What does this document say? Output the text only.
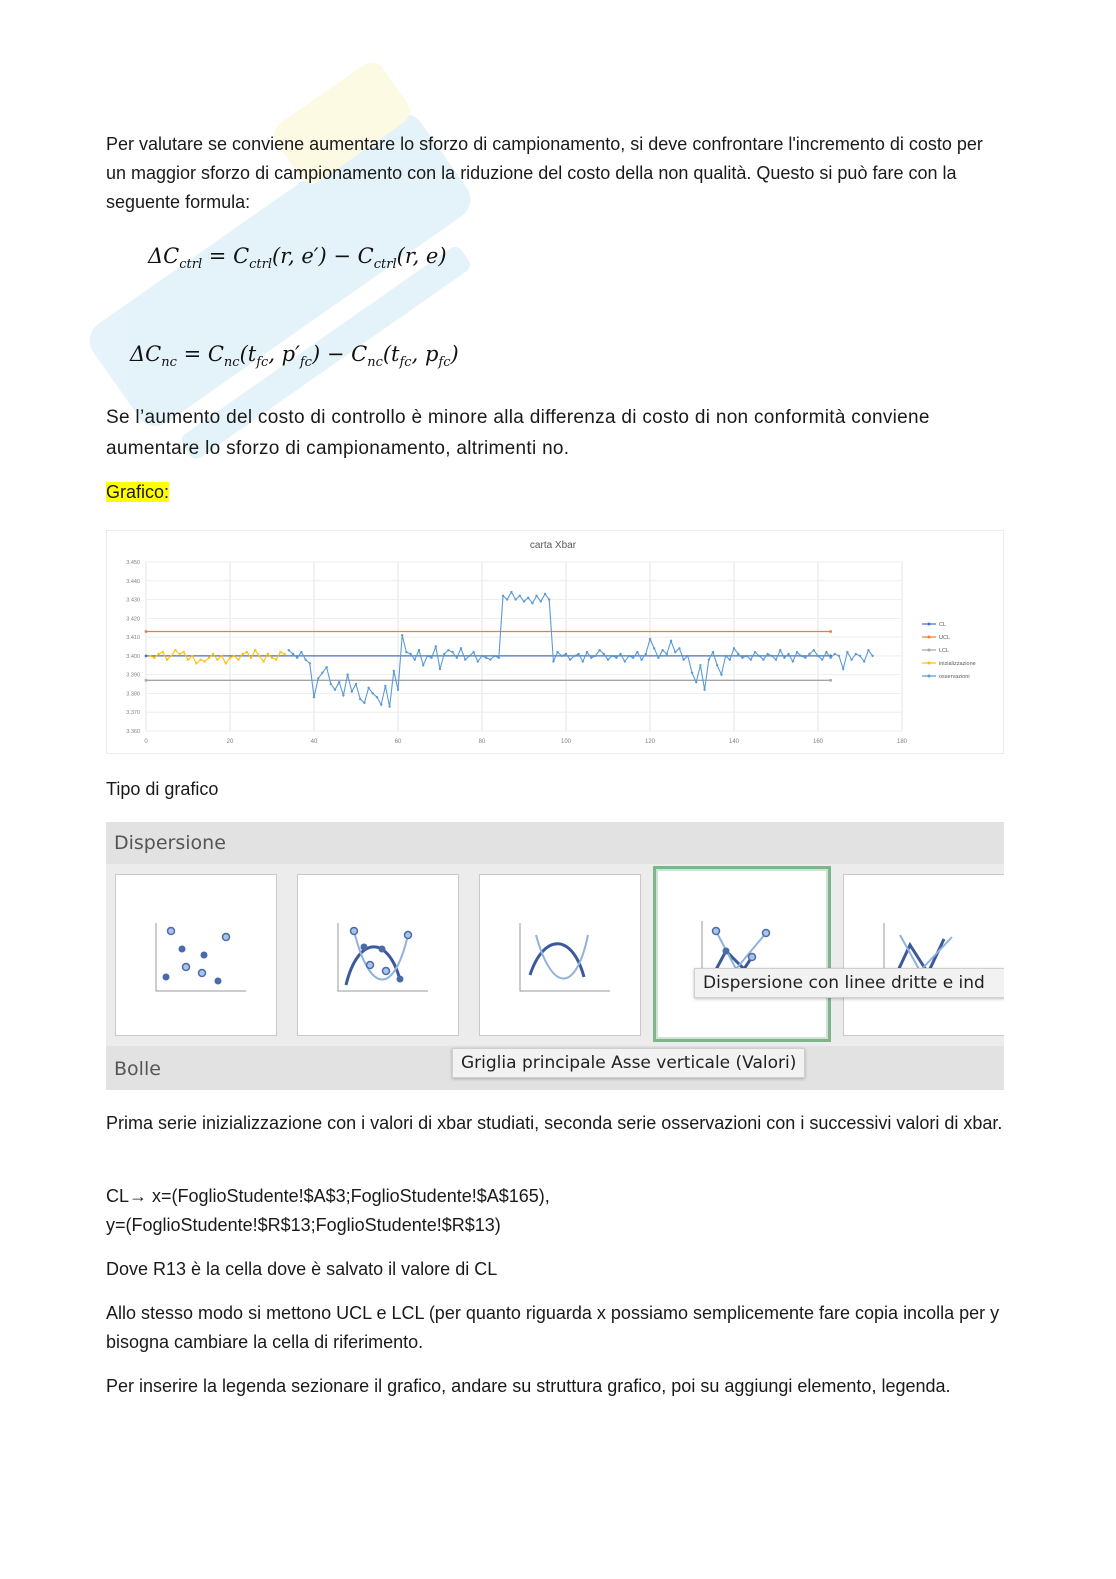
Per valutare se conviene aumentare lo sforzo di campionamento, si deve confrontare l'incremento di costo per un maggior sforzo di campionamento con la riduzione del costo della non qualità. Questo si può fare con la seguente formula:

$\Delta C_{ctrl} = C_{ctrl}(r$, $e') - C_{ctrl}(r$, e)
$\Delta C_{nc} = C_{nc}(t_{fc}$, $p'_{fc}) - C_{nc}(t_{fc}$, $p_{fc}$)

Se l’aumento del costo di controllo è minore alla differenza di costo di non conformità conviene aumentare lo sforzo di campionamento, altrimenti no.

Grafico:

0	20	40	60	80	100	120	140	160	180
3.360
3.370
3.380
3.390
3.400
3.410
3.420
3.430
3.440
3.450
CL
UCL
LCL
inizializzazione
osservazioni
carta Xbar

Tipo di grafico

Dispersione
Dispersione con linee dritte e ind
Bolle	Griglia principale Asse verticale (Valori)

Prima serie inizializzazione con i valori di xbar studiati, seconda serie osservazioni con i successivi valori di xbar.

CL→ x=(FoglioStudente!$A$3;FoglioStudente!$A$165),

y=(FoglioStudente!$R$13;FoglioStudente!$R$13)

Dove R13 è la cella dove è salvato il valore di CL

Allo stesso modo si mettono UCL e LCL (per quanto riguarda x possiamo semplicemente fare copia incolla per y bisogna cambiare la cella di riferimento.

Per inserire la legenda sezionare il grafico, andare su struttura grafico, poi su aggiungi elemento, legenda.
